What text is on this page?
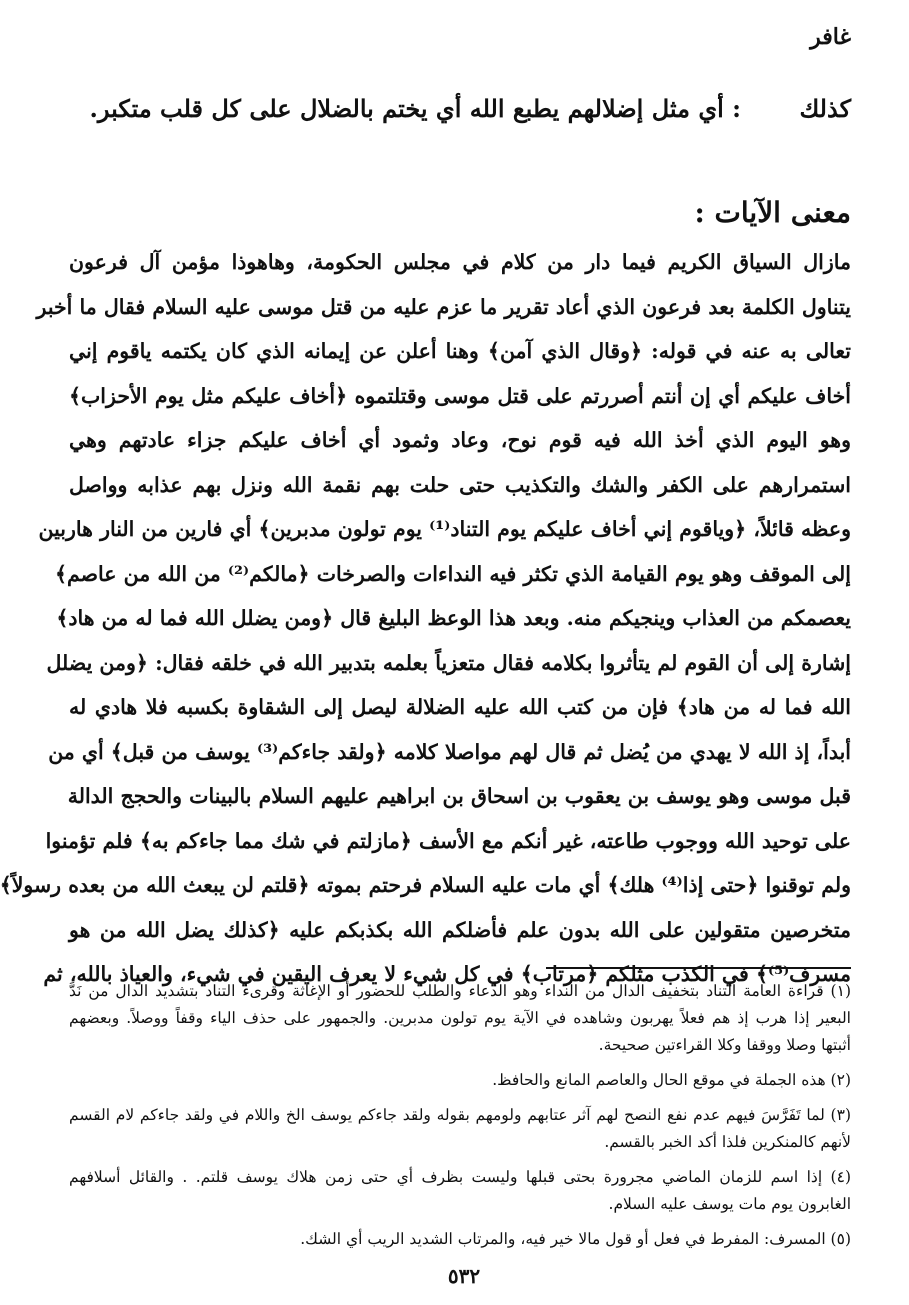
غافر
كذلك
: أي مثل إضلالهم يطبع الله أي يختم بالضلال على كل قلب متكبر.
معنى الآيات :

مازال السياق الكريم فيما دار من كلام في مجلس الحكومة، وهاهوذا مؤمن آل فرعون

يتناول الكلمة بعد فرعون الذي أعاد تقرير ما عزم عليه من قتل موسى عليه السلام فقال ما أخبر

تعالى به عنه في قوله: ﴿وقال الذي آمن﴾ وهنا أعلن عن إيمانه الذي كان يكتمه ياقوم إني

أخاف عليكم أي إن أنتم أصررتم على قتل موسى وقتلتموه ﴿أخاف عليكم مثل يوم الأحزاب﴾

وهو اليوم الذي أخذ الله فيه قوم نوح، وعاد وثمود أي أخاف عليكم جزاء عادتهم وهي

استمرارهم على الكفر والشك والتكذيب حتى حلت بهم نقمة الله ونزل بهم عذابه وواصل

وعظه قائلاً، ﴿وياقوم إني أخاف عليكم يوم التناد⁽¹⁾ يوم تولون مدبرين﴾ أي فارين من النار هاربين

إلى الموقف وهو يوم القيامة الذي تكثر فيه النداءات والصرخات ﴿مالكم⁽²⁾ من الله من عاصم﴾

يعصمكم من العذاب وينجيكم منه. وبعد هذا الوعظ البليغ قال ﴿ومن يضلل الله فما له من هاد﴾

إشارة إلى أن القوم لم يتأثروا بكلامه فقال متعزياً بعلمه بتدبير الله في خلقه فقال: ﴿ومن يضلل

الله فما له من هاد﴾ فإن من كتب الله عليه الضلالة ليصل إلى الشقاوة بكسبه فلا هادي له

أبداً، إذ الله لا يهدي من يُضل ثم قال لهم مواصلا كلامه ﴿ولقد جاءكم⁽³⁾ يوسف من قبل﴾ أي من

قبل موسى وهو يوسف بن يعقوب بن اسحاق بن ابراهيم عليهم السلام بالبينات والحجج الدالة

على توحيد الله ووجوب طاعته، غير أنكم مع الأسف ﴿مازلتم في شك مما جاءكم به﴾ فلم تؤمنوا

ولم توقنوا ﴿حتى إذا⁽⁴⁾ هلك﴾ أي مات عليه السلام فرحتم بموته ﴿قلتم لن يبعث الله من بعده رسولاً﴾

متخرصين متقولين على الله بدون علم فأضلكم الله بكذبكم عليه ﴿كذلك يضل الله من هو

مسرف⁽⁵⁾﴾ في الكذب مثلكم ﴿مرتاب﴾ في كل شيء لا يعرف اليقين في شيء، والعياذ بالله، ثم

(١) قراءة العامة التناد بتخفيف الدال من النداء وهو الدعاء والطلب للحضور أو الإغاثة وقرىء التناد بتشديد الدال من نَدَّ

البعير إذا هرب إذ هم فعلاً يهربون وشاهده في الآية يوم تولون مدبرين. والجمهور على حذف الياء وقفاً ووصلاً. وبعضهم

أثبتها وصلا ووقفا وكلا القراءتين صحيحة.

(٢) هذه الجملة في موقع الحال والعاصم المانع والحافظ.

(٣) لما تَفَرَّسَ فيهم عدم نفع النصح لهم آثر عتابهم ولومهم بقوله ولقد جاءكم يوسف الخ واللام في ولقد جاءكم لام القسم

لأنهم كالمنكرين فلذا أكد الخبر بالقسم.

(٤) إذا اسم للزمان الماضي مجرورة بحتى قبلها وليست بظرف أي حتى زمن هلاك يوسف قلتم. . والقائل أسلافهم

الغابرون يوم مات يوسف عليه السلام.

(٥) المسرف: المفرط في فعل أو قول مالا خير فيه، والمرتاب الشديد الريب أي الشك.

٥٣٢
